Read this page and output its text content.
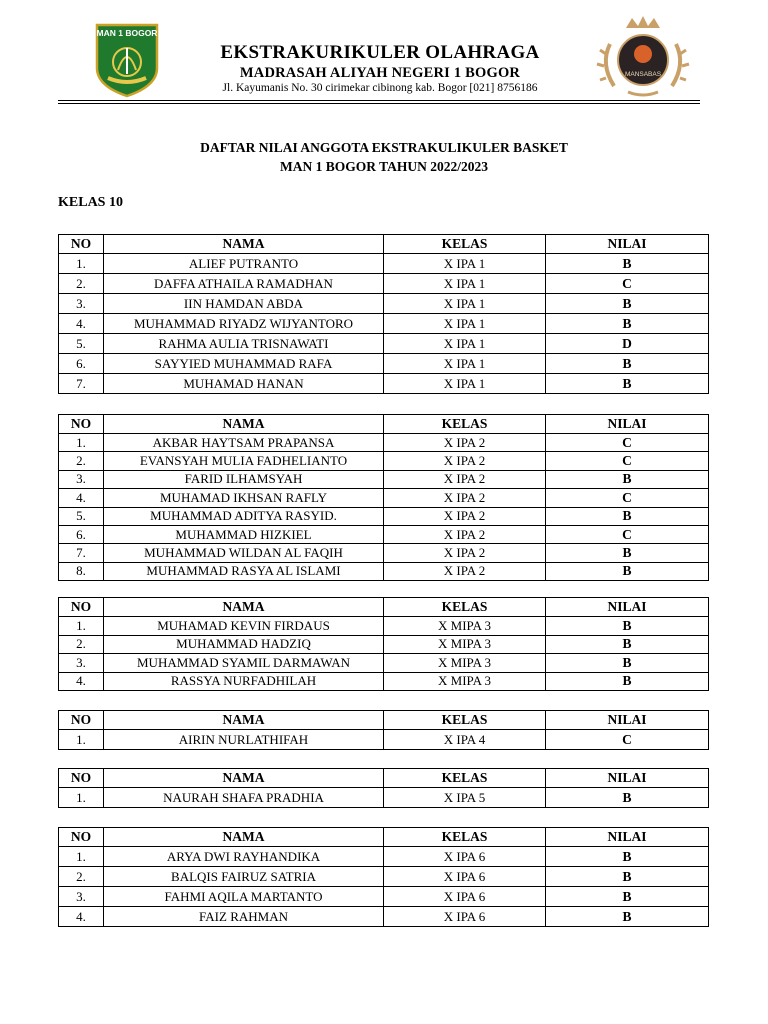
MAN 1 BOGOR
EKSTRAKURIKULER OLAHRAGA
MADRASAH ALIYAH NEGERI 1 BOGOR
Jl. Kayumanis No. 30 cirimekar cibinong kab. Bogor [021] 8756186
MANSABAS
DAFTAR NILAI ANGGOTA EKSTRAKULIKULER BASKET
MAN 1 BOGOR TAHUN 2022/2023
KELAS 10
NO	NAMA	KELAS	NILAI
1.	ALIEF PUTRANTO	X IPA 1	B
2.	DAFFA ATHAILA RAMADHAN	X IPA 1	C
3.	IIN HAMDAN ABDA	X IPA 1	B
4.	MUHAMMAD RIYADZ WIJYANTORO	X IPA 1	B
5.	RAHMA AULIA TRISNAWATI	X IPA 1	D
6.	SAYYIED MUHAMMAD RAFA	X IPA 1	B
7.	MUHAMAD HANAN	X IPA 1	B
NO	NAMA	KELAS	NILAI
1.	AKBAR HAYTSAM PRAPANSA	X IPA 2	C
2.	EVANSYAH MULIA FADHELIANTO	X IPA 2	C
3.	FARID ILHAMSYAH	X IPA 2	B
4.	MUHAMAD IKHSAN RAFLY	X IPA 2	C
5.	MUHAMMAD ADITYA RASYID.	X IPA 2	B
6.	MUHAMMAD HIZKIEL	X IPA 2	C
7.	MUHAMMAD WILDAN AL FAQIH	X IPA 2	B
8.	MUHAMMAD RASYA AL ISLAMI	X IPA 2	B
NO	NAMA	KELAS	NILAI
1.	MUHAMAD KEVIN FIRDAUS	X MIPA 3	B
2.	MUHAMMAD HADZIQ	X MIPA 3	B
3.	MUHAMMAD SYAMIL DARMAWAN	X MIPA 3	B
4.	RASSYA NURFADHILAH	X MIPA 3	B
NO	NAMA	KELAS	NILAI
1.	AIRIN NURLATHIFAH	X IPA 4	C
NO	NAMA	KELAS	NILAI
1.	NAURAH SHAFA PRADHIA	X IPA 5	B
NO	NAMA	KELAS	NILAI
1.	ARYA DWI RAYHANDIKA	X IPA 6	B
2.	BALQIS FAIRUZ SATRIA	X IPA 6	B
3.	FAHMI AQILA MARTANTO	X IPA 6	B
4.	FAIZ RAHMAN	X IPA 6	B
